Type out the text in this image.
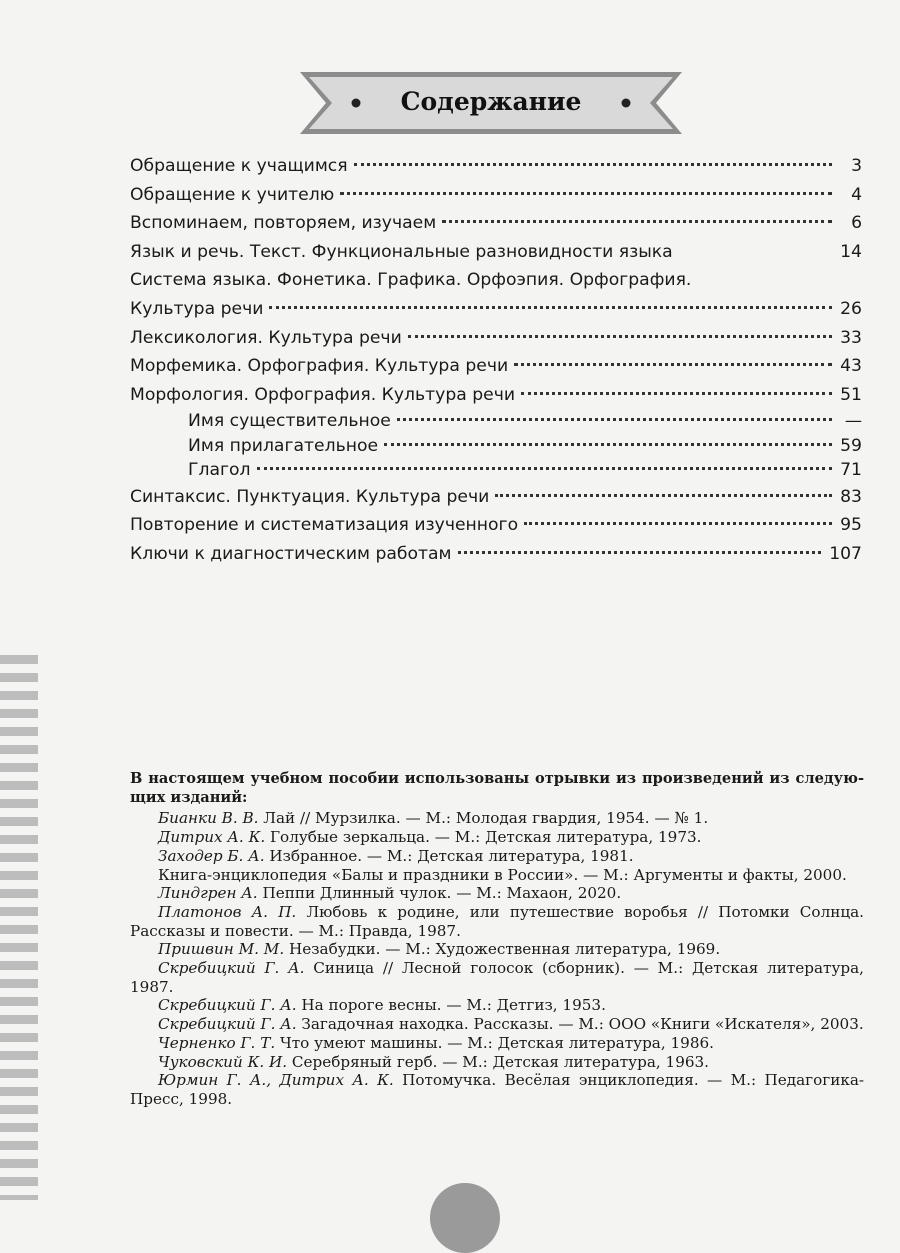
Содержание
Обращение к учащимся	3
Обращение к учителю	4
Вспоминаем, повторяем, изучаем	6
Язык и речь. Текст. Функциональные разновидности языка	14
Система языка. Фонетика. Графика. Орфоэпия. Орфография.
Культура речи	26
Лексикология. Культура речи	33
Морфемика. Орфография. Культура речи	43
Морфология. Орфография. Культура речи	51
Имя существительное	—
Имя прилагательное	59
Глагол	71
Синтаксис. Пунктуация. Культура речи	83
Повторение и систематизация изученного	95
Ключи к диагностическим работам	107
В настоящем учебном пособии использованы отрывки из произведений из следую-щих изданий:
Бианки В. В. Лай // Мурзилка. — М.: Молодая гвардия, 1954. — № 1.
Дитрих А. К. Голубые зеркальца. — М.: Детская литература, 1973.
Заходер Б. А. Избранное. — М.: Детская литература, 1981.
Книга-энциклопедия «Балы и праздники в России». — М.: Аргументы и факты, 2000.
Линдгрен А. Пеппи Длинный чулок. — М.: Махаон, 2020.
Платонов А. П. Любовь к родине, или путешествие воробья // Потомки Солнца. Рассказы и повести. — М.: Правда, 1987.
Пришвин М. М. Незабудки. — М.: Художественная литература, 1969.
Скребицкий Г. А. Синица // Лесной голосок (сборник). — М.: Детская литература, 1987.
Скребицкий Г. А. На пороге весны. — М.: Детгиз, 1953.
Скребицкий Г. А. Загадочная находка. Рассказы. — М.: ООО «Книги «Искателя», 2003.
Черненко Г. Т. Что умеют машины. — М.: Детская литература, 1986.
Чуковский К. И. Серебряный герб. — М.: Детская литература, 1963.
Юрмин Г. А., Дитрих А. К. Потомучка. Весёлая энциклопедия. — М.: Педагогика-Пресс, 1998.
